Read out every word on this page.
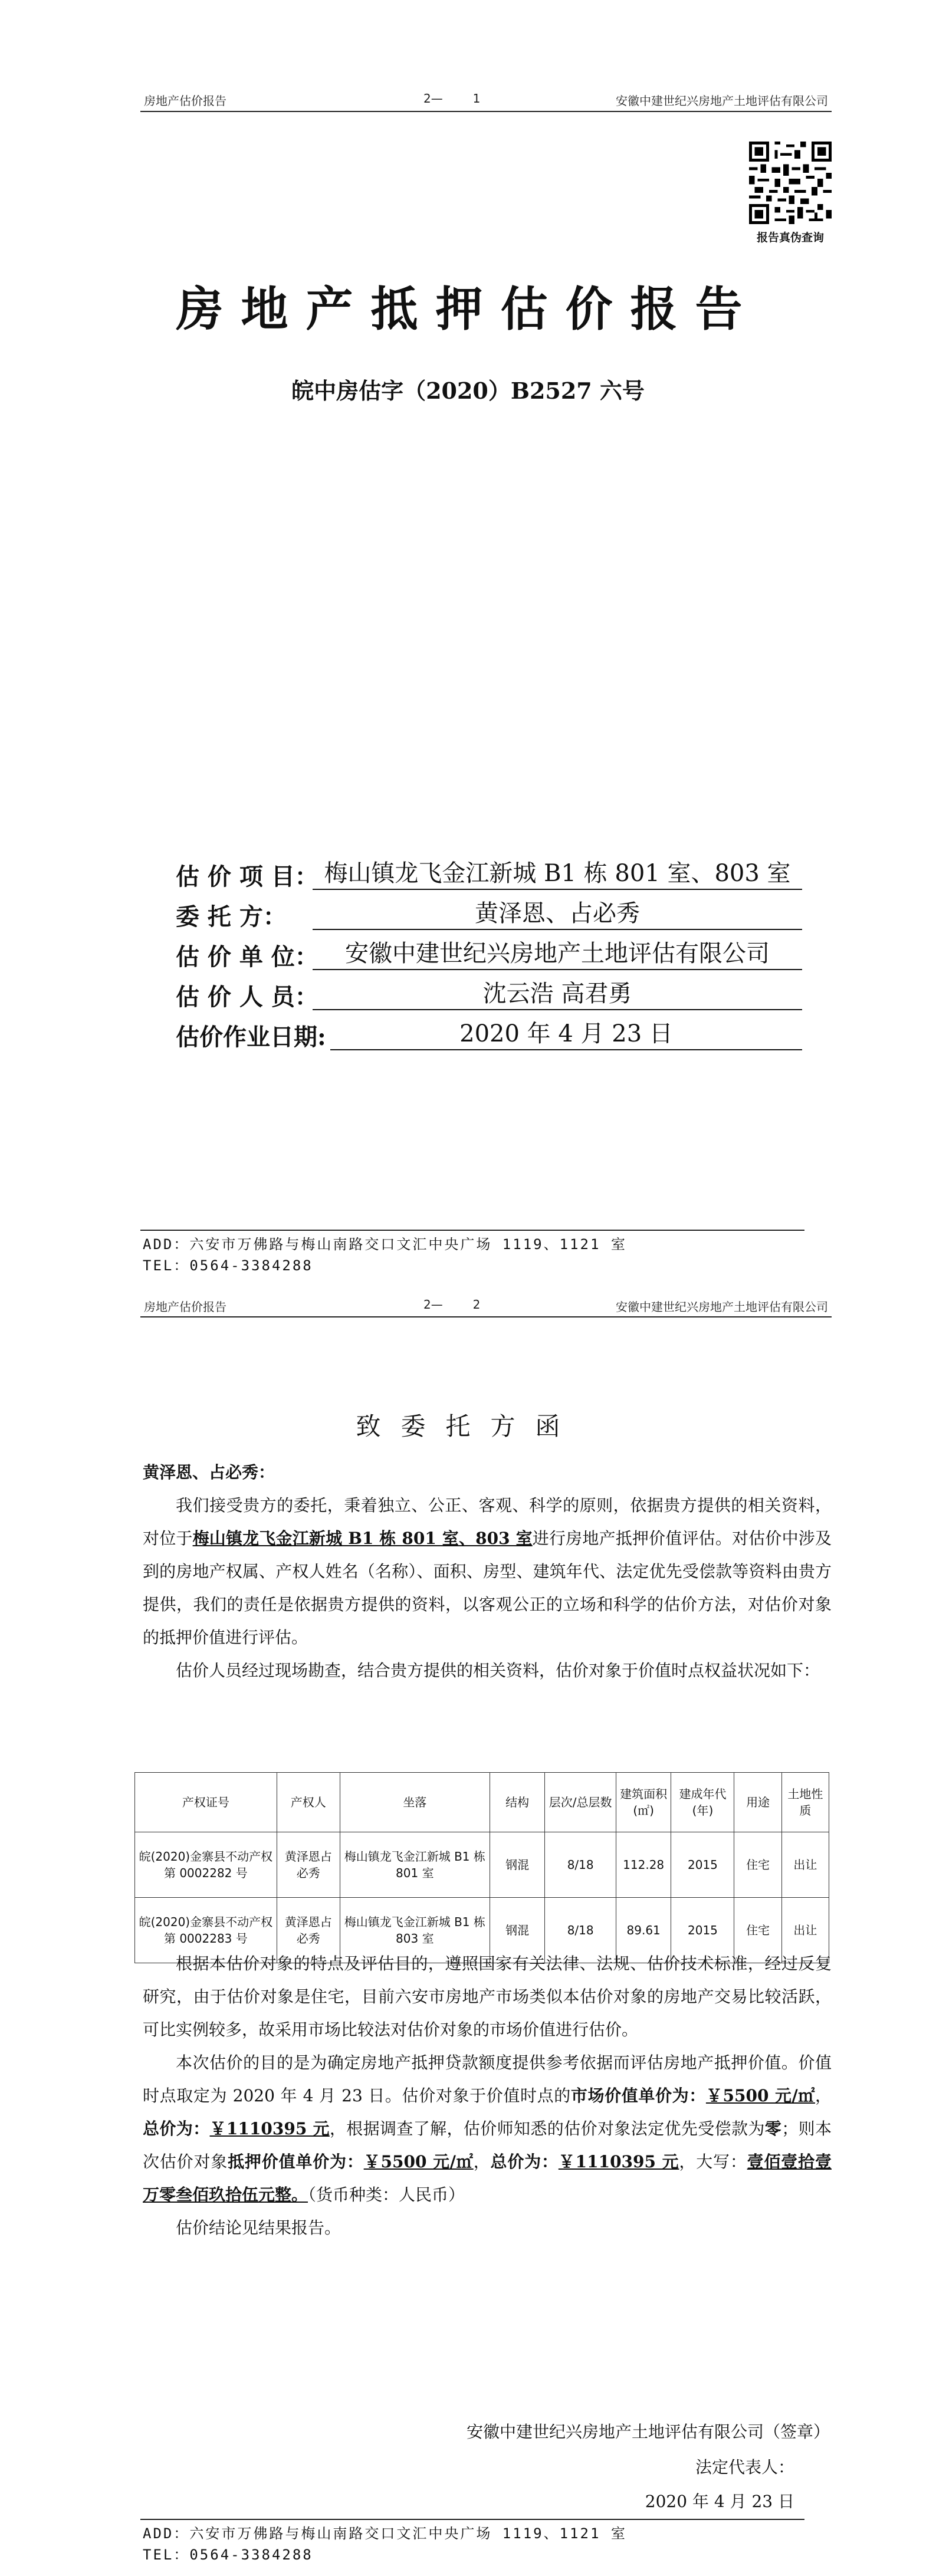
房地产估价报告	2—        1	安徽中建世纪兴房地产土地评估有限公司
报告真伪查询
房地产抵押估价报告
皖中房估字（2020）B2527 六号
估 价 项 目： 梅山镇龙飞金江新城 B1 栋 801 室、803 室
委 托 方：	黄泽恩、占必秀
估 价 单 位：	安徽中建世纪兴房地产土地评估有限公司
估 价 人 员：	沈云浩 高君勇
估价作业日期:	2020 年 4 月 23 日
ADD：六安市万佛路与梅山南路交口文汇中央广场 1119、1121 室
TEL：0564-3384288
房地产估价报告	2—        2	安徽中建世纪兴房地产土地评估有限公司
致委托方函
黄泽恩、占必秀：

我们接受贵方的委托，秉着独立、公正、客观、科学的原则，依据贵方提供的相关资料，对位于梅山镇龙飞金江新城 B1 栋 801 室、803 室进行房地产抵押价值评估。对估价中涉及到的房地产权属、产权人姓名（名称）、面积、房型、建筑年代、法定优先受偿款等资料由贵方提供，我们的责任是依据贵方提供的资料，以客观公正的立场和科学的估价方法，对估价对象的抵押价值进行评估。

估价人员经过现场勘查，结合贵方提供的相关资料，估价对象于价值时点权益状况如下：

产权证号	产权人	坐落	结构	层次/总层数	建筑面积(㎡)	建成年代(年)	用途	土地性质
皖(2020)金寨县不动产权第 0002282 号	黄泽恩占必秀	梅山镇龙飞金江新城 B1 栋 801 室	钢混	8/18	112.28	2015	住宅	出让
皖(2020)金寨县不动产权第 0002283 号	黄泽恩占必秀	梅山镇龙飞金江新城 B1 栋 803 室	钢混	8/18	89.61	2015	住宅	出让

根据本估价对象的特点及评估目的，遵照国家有关法律、法规、估价技术标准，经过反复研究，由于估价对象是住宅，目前六安市房地产市场类似本估价对象的房地产交易比较活跃，可比实例较多，故采用市场比较法对估价对象的市场价值进行估价。

本次估价的目的是为确定房地产抵押贷款额度提供参考依据而评估房地产抵押价值。价值时点取定为 2020 年 4 月 23 日。估价对象于价值时点的市场价值单价为：￥5500 元/㎡，总价为：￥1110395 元，根据调查了解，估价师知悉的估价对象法定优先受偿款为零；则本次估价对象抵押价值单价为：￥5500 元/㎡，总价为：￥1110395 元，大写：壹佰壹拾壹万零叁佰玖拾伍元整。（货币种类：人民币）

估价结论见结果报告。

安徽中建世纪兴房地产土地评估有限公司（签章）
法定代表人：
2020 年 4 月 23 日
ADD：六安市万佛路与梅山南路交口文汇中央广场 1119、1121 室
TEL：0564-3384288
